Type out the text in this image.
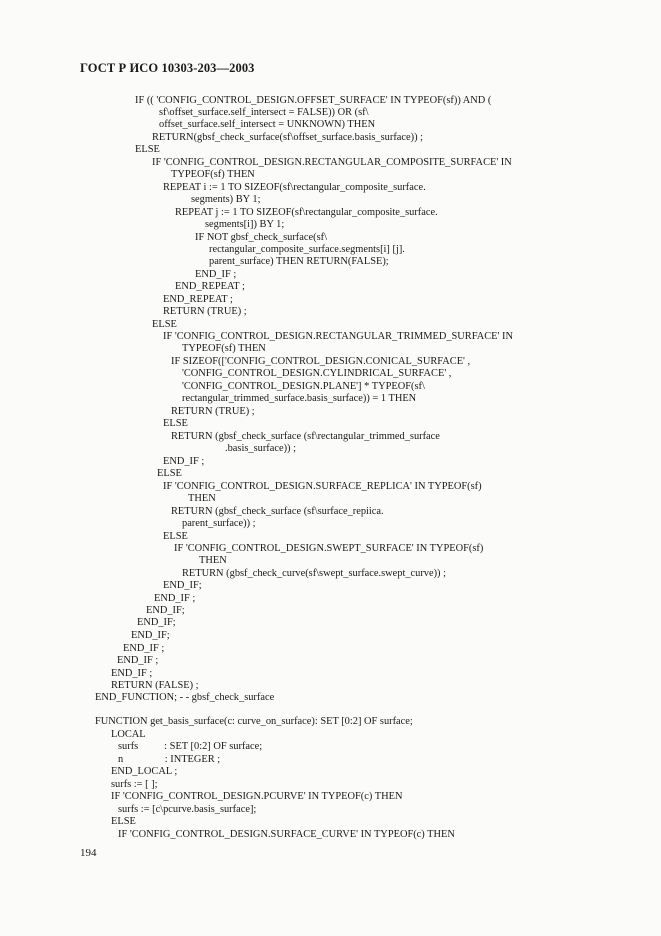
ГОСТ Р ИСО 10303-203—2003
IF (( 'CONFIG_CONTROL_DESIGN.OFFSET_SURFACE' IN TYPEOF(sf)) AND (
sf\offset_surface.self_intersect = FALSE)) OR (sf\
offset_surface.self_intersect = UNKNOWN) THEN
RETURN(gbsf_check_surface(sf\offset_surface.basis_surface)) ;
ELSE
IF 'CONFIG_CONTROL_DESIGN.RECTANGULAR_COMPOSITE_SURFACE' IN
TYPEOF(sf) THEN
REPEAT i := 1 TO SIZEOF(sf\rectangular_composite_surface.
segments) BY 1;
REPEAT j := 1 TO SIZEOF(sf\rectangular_composite_surface.
segments[i]) BY 1;
IF NOT gbsf_check_surface(sf\
rectangular_composite_surface.segments[i] [j].
parent_surface) THEN RETURN(FALSE);
END_IF ;
END_REPEAT ;
END_REPEAT ;
RETURN (TRUE) ;
ELSE
IF 'CONFIG_CONTROL_DESIGN.RECTANGULAR_TRIMMED_SURFACE' IN
TYPEOF(sf) THEN
IF SIZEOF(['CONFIG_CONTROL_DESIGN.CONICAL_SURFACE' ,
'CONFIG_CONTROL_DESIGN.CYLINDRICAL_SURFACE' ,
'CONFIG_CONTROL_DESIGN.PLANE'] * TYPEOF(sf\
rectangular_trimmed_surface.basis_surface)) = 1 THEN
RETURN (TRUE) ;
ELSE
RETURN (gbsf_check_surface (sf\rectangular_trimmed_surface
.basis_surface)) ;
END_IF ;
ELSE
IF 'CONFIG_CONTROL_DESIGN.SURFACE_REPLICA' IN TYPEOF(sf)
THEN
RETURN (gbsf_check_surface (sf\surface_repiica.
parent_surface)) ;
ELSE
IF 'CONFIG_CONTROL_DESIGN.SWEPT_SURFACE' IN TYPEOF(sf)
THEN
RETURN (gbsf_check_curve(sf\swept_surface.swept_curve)) ;
END_IF;
END_IF ;
END_IF;
END_IF;
END_IF;
END_IF ;
END_IF ;
END_IF ;
RETURN (FALSE) ;
END_FUNCTION; - - gbsf_check_surface
FUNCTION get_basis_surface(c: curve_on_surface): SET [0:2] OF surface;
LOCAL
surfs          : SET [0:2] OF surface;
n                : INTEGER ;
END_LOCAL ;
surfs := [ ];
IF 'CONFIG_CONTROL_DESIGN.PCURVE' IN TYPEOF(c) THEN
surfs := [c\pcurve.basis_surface];
ELSE
IF 'CONFIG_CONTROL_DESIGN.SURFACE_CURVE' IN TYPEOF(c) THEN
194
